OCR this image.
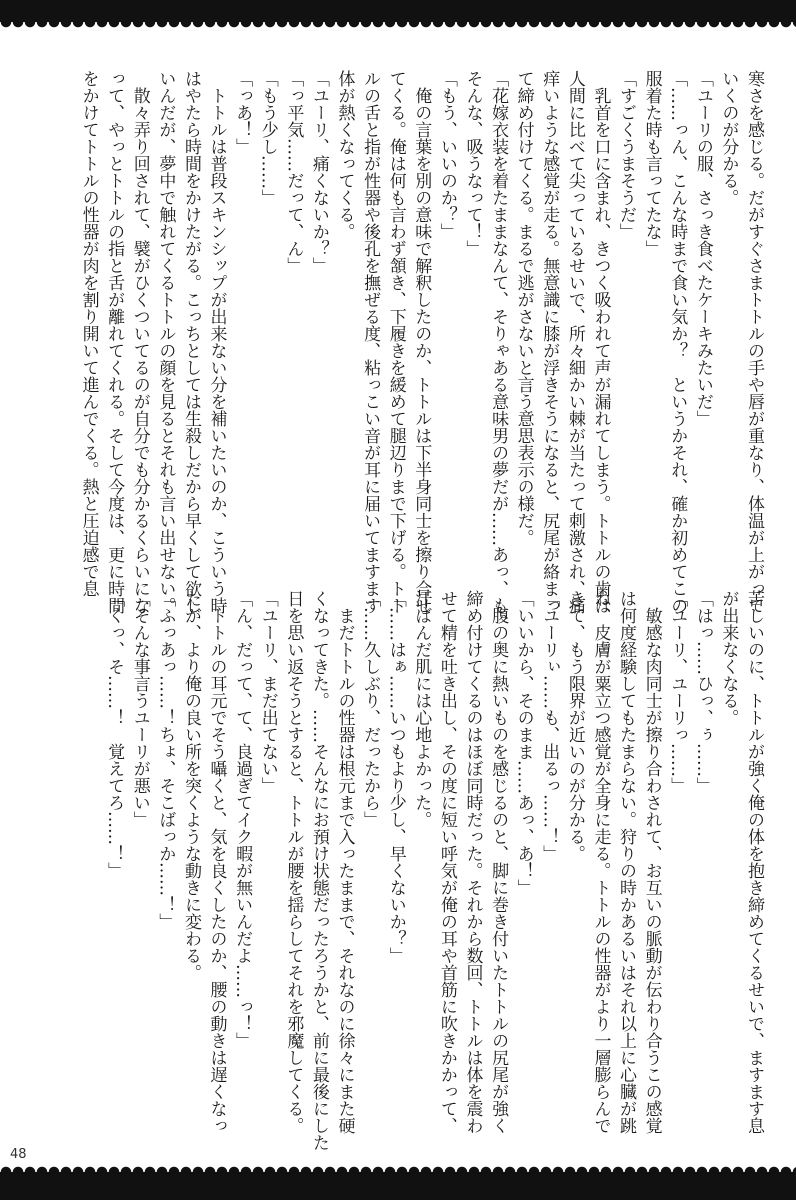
寒さを感じる。だがすぐさまトトルの手や唇が重なり、体温が上がって
いくのが分かる。
「ユーリの服、さっき食べたケーキみたいだ」
「……っん、こんな時まで食い気か？　というかそれ、確か初めてこの
服着た時も言ってたな」
「すごくうまそうだ」
　乳首を口に含まれ、きつく吸われて声が漏れてしまう。トトルの歯は
人間に比べて尖っているせいで、所々細かい棘が当たって刺激され、痛
痒いような感覚が走る。無意識に膝が浮きそうになると、尻尾が絡まっ
て締め付けてくる。まるで逃がさないと言う意思表示の様だ。
「花嫁衣装を着たままなんて、そりゃある意味男の夢だが……あっ、も、
そんな、吸うなって！」
「もう、いいのか？」
　俺の言葉を別の意味で解釈したのか、トトルは下半身同士を擦り合せ
てくる。俺は何も言わず頷き、下履きを緩めて腿辺りまで下げる。トト
ルの舌と指が性器や後孔を撫ぜる度、粘っこい音が耳に届いてますます
体が熱くなってくる。
「ユーリ、痛くないか？」
「っ平気……だって、ん」
「もう少し……」
「っあ！」
　トトルは普段スキンシップが出来ない分を補いたいのか、こういう時
はやたら時間をかけたがる。こっちとしては生殺しだから早くして欲し
いんだが、夢中で触れてくるトトルの顔を見るとそれも言い出せない。
　散々弄り回されて、襞がひくついてるのが自分でも分かるくらいにな
って、やっとトトルの指と舌が離れてくれる。そして今度は、更に時間
をかけてトトルの性器が肉を割り開いて進んでくる。熱と圧迫感で息
苦しいのに、トトルが強く俺の体を抱き締めてくるせいで、ますます息
が出来なくなる。
「はっ……ひっ、ぅ……」
「ユーリ、ユーリっ……」
　敏感な肉同士が擦り合わされて、お互いの脈動が伝わり合うこの感覚
は何度経験してもたまらない。狩りの時かあるいはそれ以上に心臓が跳
ね、皮膚が粟立つ感覚が全身に走る。トトルの性器がより一層膨らんで
きて、もう限界が近いのが分かる。
「ユーリぃ……も、出るっ……！」
「いいから、そのまま……あっ、あ！」
　腹の奥に熱いものを感じるのと、脚に巻き付いたトトルの尻尾が強く
締め付けてくるのはほぼ同時だった。それから数回、トトルは体を震わ
せて精を吐き出し、その度に短い呼気が俺の耳や首筋に吹きかかって、
汗ばんだ肌には心地よかった。
「……はぁ……いつもより少し、早くないか？」
「……久しぶり、だったから」
　まだトトルの性器は根元まで入ったままで、それなのに徐々にまた硬
くなってきた。……そんなにお預け状態だったろうかと、前に最後にした
日を思い返そうとすると、トトルが腰を揺らしてそれを邪魔してくる。
「ユーリ、まだ出てない」
「ん、だって、て、良過ぎてイク暇が無いんだよ……っ！」
　トトルの耳元でそう囁くと、気を良くしたのか、腰の動きは遅くなっ
たが、より俺の良い所を突くような動きに変わる。
「ふっあっ……！ちょ、そこばっか……！」
「そんな事言うユーリが悪い」
「くっ、そ……！　覚えてろ……！」
48
